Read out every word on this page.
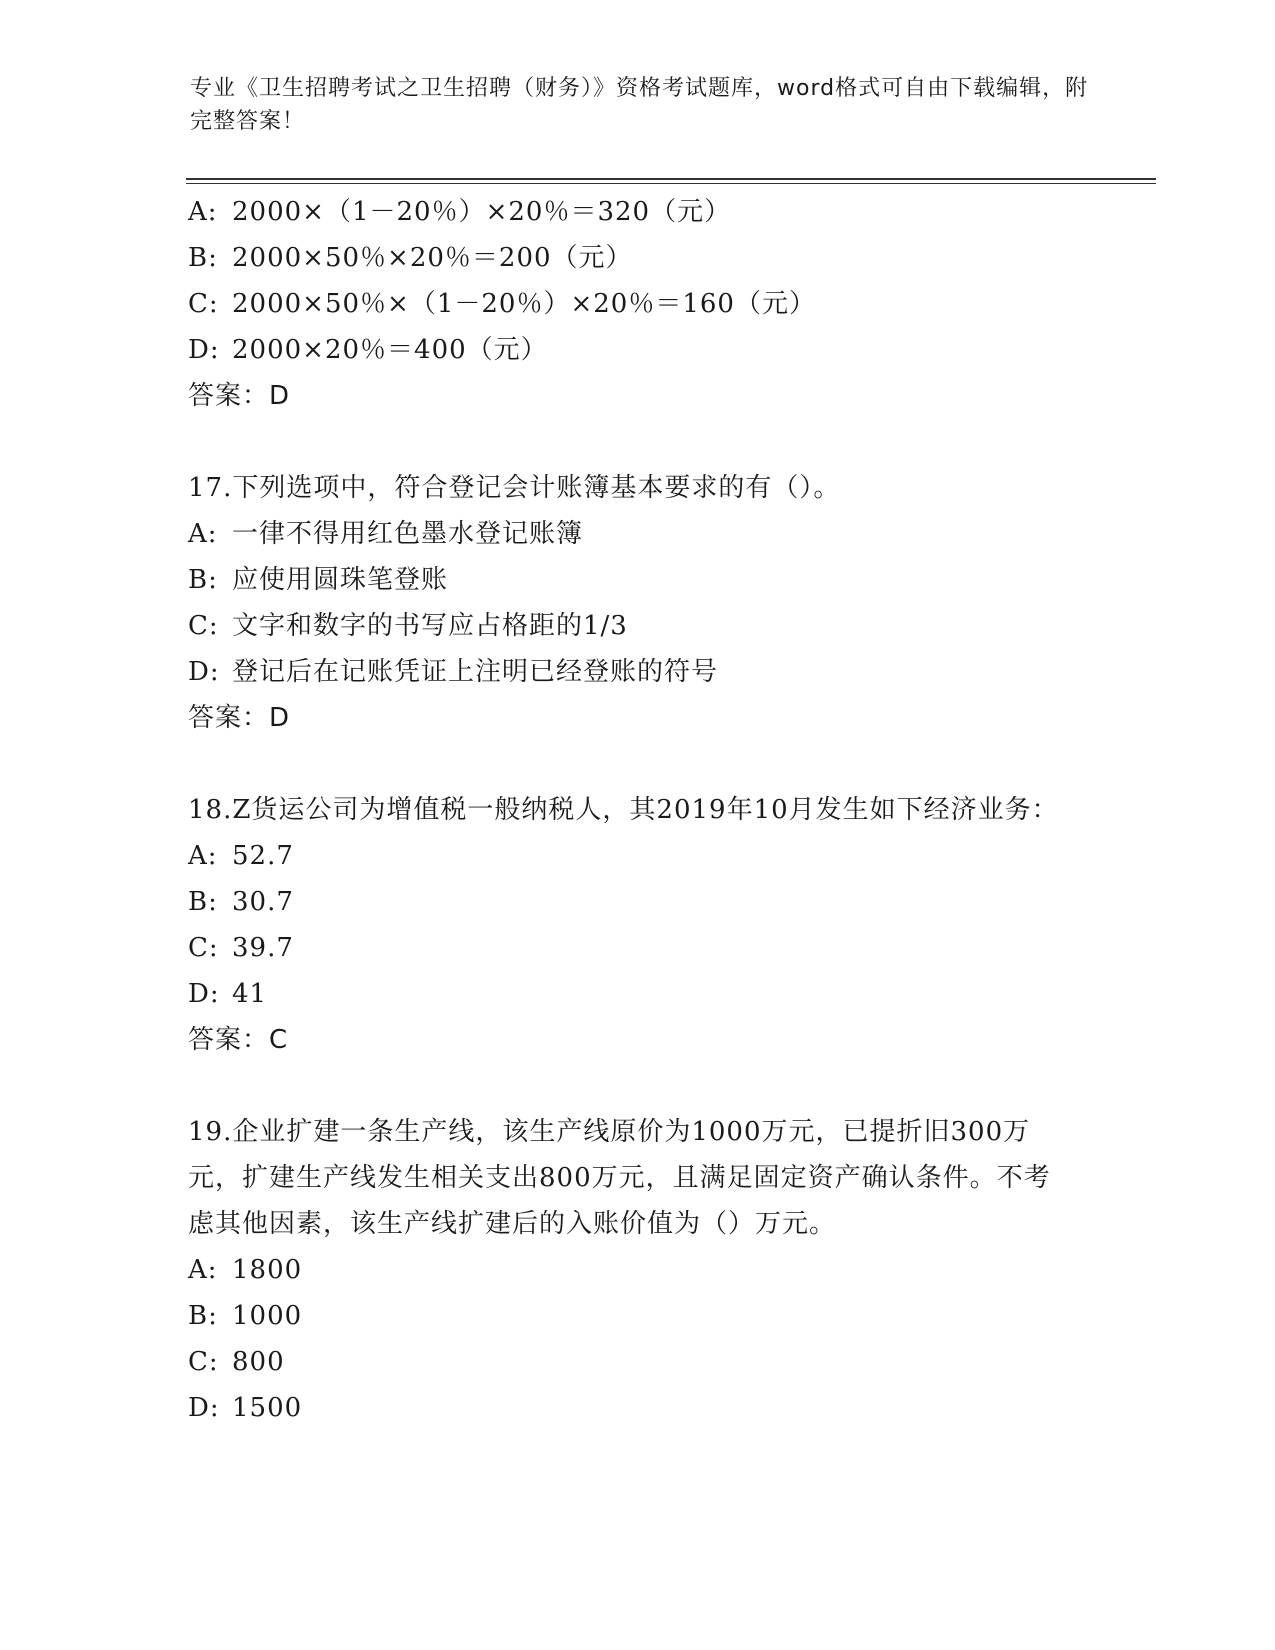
专业《卫生招聘考试之卫生招聘（财务）》资格考试题库，word格式可自由下载编辑，附完整答案！
A: 2000×（1－20％）×20％＝320（元）
B: 2000×50％×20％＝200（元）
C: 2000×50％×（1－20％）×20％＝160（元）
D: 2000×20％＝400（元）
答案：D
17.下列选项中，符合登记会计账簿基本要求的有（）。
A: 一律不得用红色墨水登记账簿
B: 应使用圆珠笔登账
C: 文字和数字的书写应占格距的1/3
D: 登记后在记账凭证上注明已经登账的符号
答案：D
18.Z货运公司为增值税一般纳税人，其2019年10月发生如下经济业务：
A: 52.7
B: 30.7
C: 39.7
D: 41
答案：C
19.企业扩建一条生产线，该生产线原价为1000万元，已提折旧300万元，扩建生产线发生相关支出800万元，且满足固定资产确认条件。不考虑其他因素，该生产线扩建后的入账价值为（）万元。
A: 1800
B: 1000
C: 800
D: 1500
